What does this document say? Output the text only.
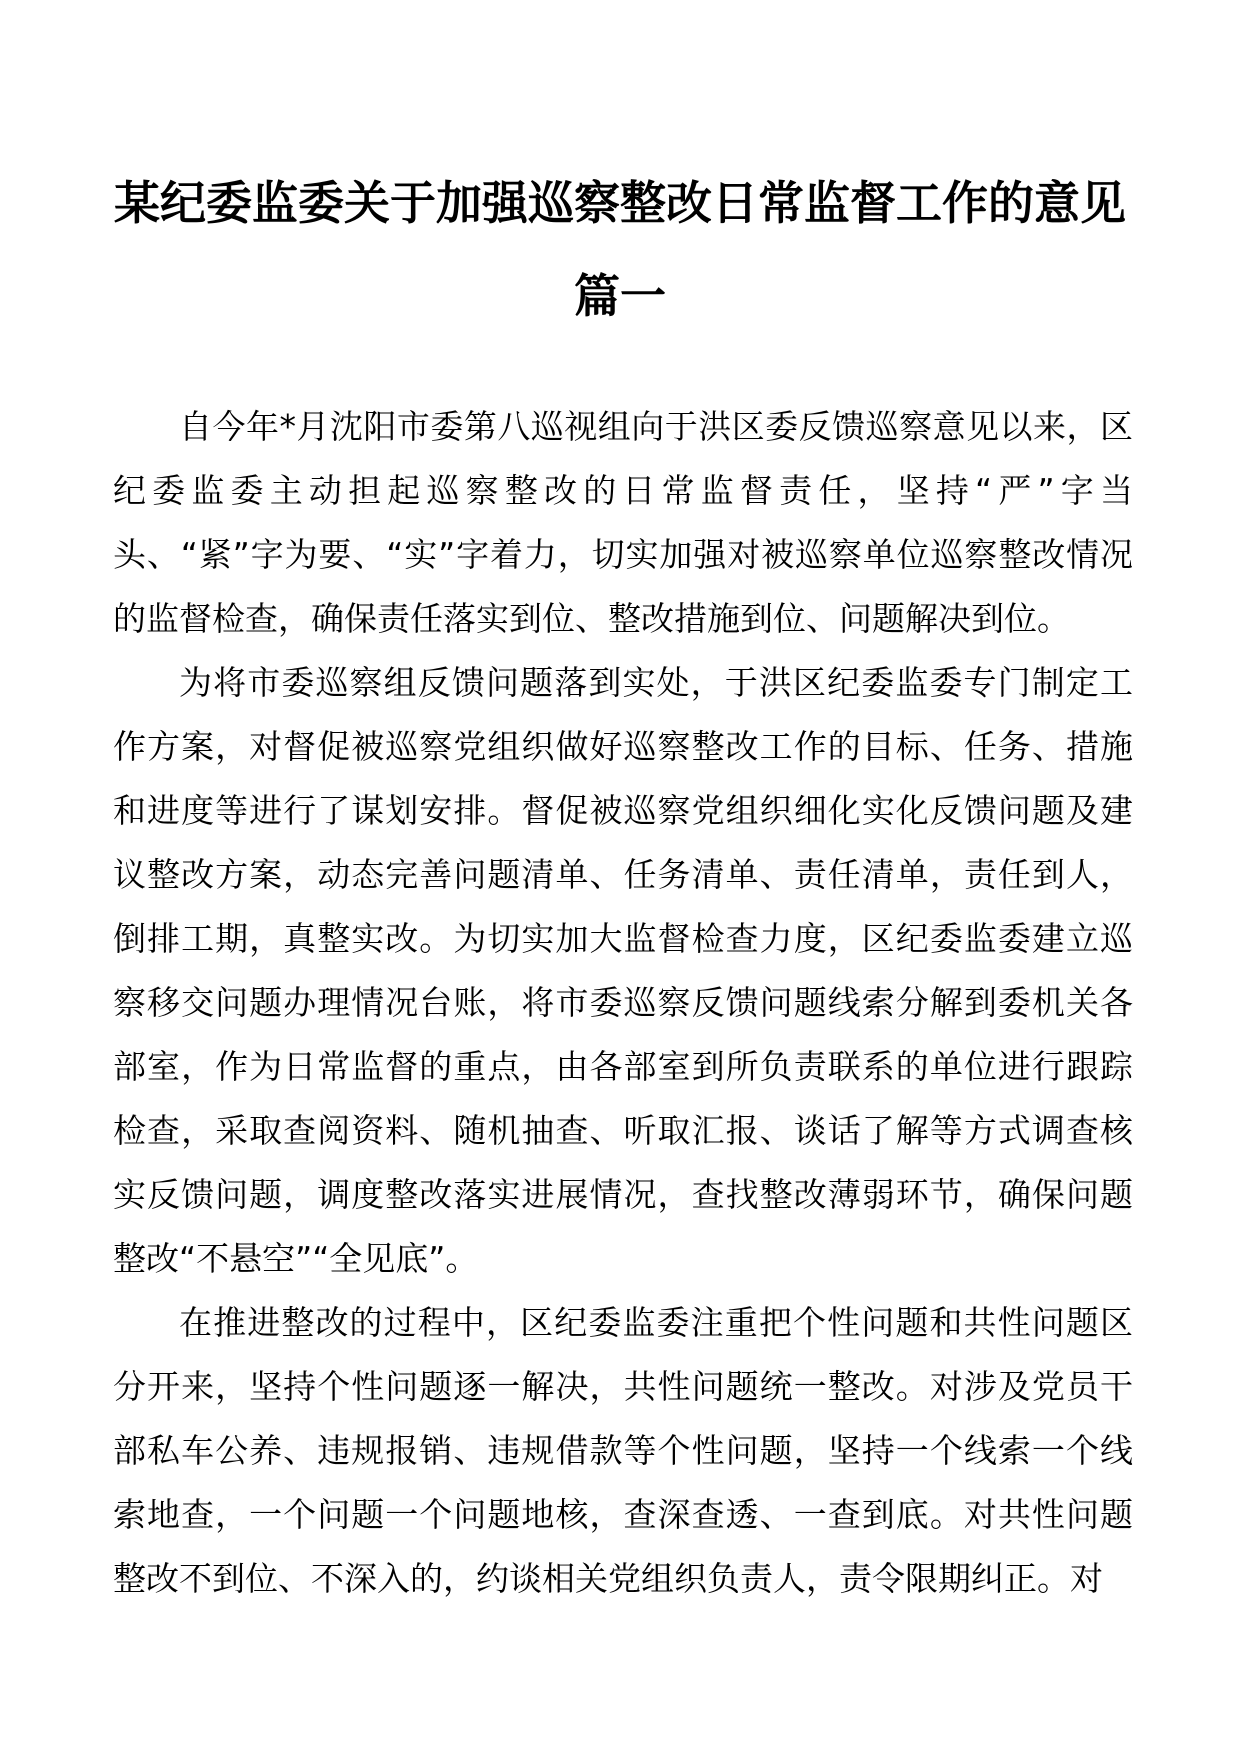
某纪委监委关于加强巡察整改日常监督工作的意见
篇一

自今年*月沈阳市委第八巡视组向于洪区委反馈巡察意见以来，区纪委监委主动担起巡察整改的日常监督责任，坚持“严”字当头、“紧”字为要、“实”字着力，切实加强对被巡察单位巡察整改情况的监督检查，确保责任落实到位、整改措施到位、问题解决到位。

为将市委巡察组反馈问题落到实处，于洪区纪委监委专门制定工作方案，对督促被巡察党组织做好巡察整改工作的目标、任务、措施和进度等进行了谋划安排。督促被巡察党组织细化实化反馈问题及建议整改方案，动态完善问题清单、任务清单、责任清单，责任到人，倒排工期，真整实改。为切实加大监督检查力度，区纪委监委建立巡察移交问题办理情况台账，将市委巡察反馈问题线索分解到委机关各部室，作为日常监督的重点，由各部室到所负责联系的单位进行跟踪检查，采取查阅资料、随机抽查、听取汇报、谈话了解等方式调查核实反馈问题，调度整改落实进展情况，查找整改薄弱环节，确保问题整改“不悬空”“全见底”。

在推进整改的过程中，区纪委监委注重把个性问题和共性问题区分开来，坚持个性问题逐一解决，共性问题统一整改。对涉及党员干部私车公养、违规报销、违规借款等个性问题，坚持一个线索一个线索地查，一个问题一个问题地核，查深查透、一查到底。对共性问题整改不到位、不深入的，约谈相关党组织负责人，责令限期纠正。对
